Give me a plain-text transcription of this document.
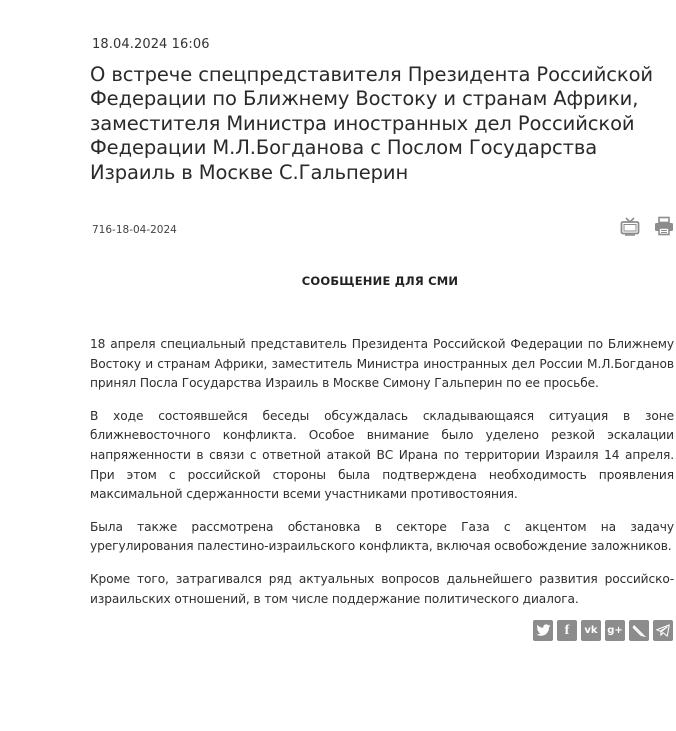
18.04.2024 16:06
О встрече спецпредставителя Президента Российской Федерации по Ближнему Востоку и странам Африки, заместителя Министра иностранных дел Российской Федерации М.Л.Богданова с Послом Государства Израиль в Москве С.Гальперин
716-18-04-2024
СООБЩЕНИЕ ДЛЯ СМИ

18 апреля специальный представитель Президента Российской Федерации по Ближнему Востоку и странам Африки, заместитель Министра иностранных дел России М.Л.Богданов принял Посла Государства Израиль в Москве Симону Гальперин по ее просьбе.

В ходе состоявшейся беседы обсуждалась складывающаяся ситуация в зоне ближневосточного конфликта. Особое внимание было уделено резкой эскалации напряженности в связи с ответной атакой ВС Ирана по территории Израиля 14 апреля. При этом с российской стороны была подтверждена необходимость проявления максимальной сдержанности всеми участниками противостояния.

Была также рассмотрена обстановка в секторе Газа с акцентом на задачу урегулирования палестино-израильского конфликта, включая освобождение заложников.

Кроме того, затрагивался ряд актуальных вопросов дальнейшего развития российско-израильских отношений, в том числе поддержание политического диалога.

f	vk g+
